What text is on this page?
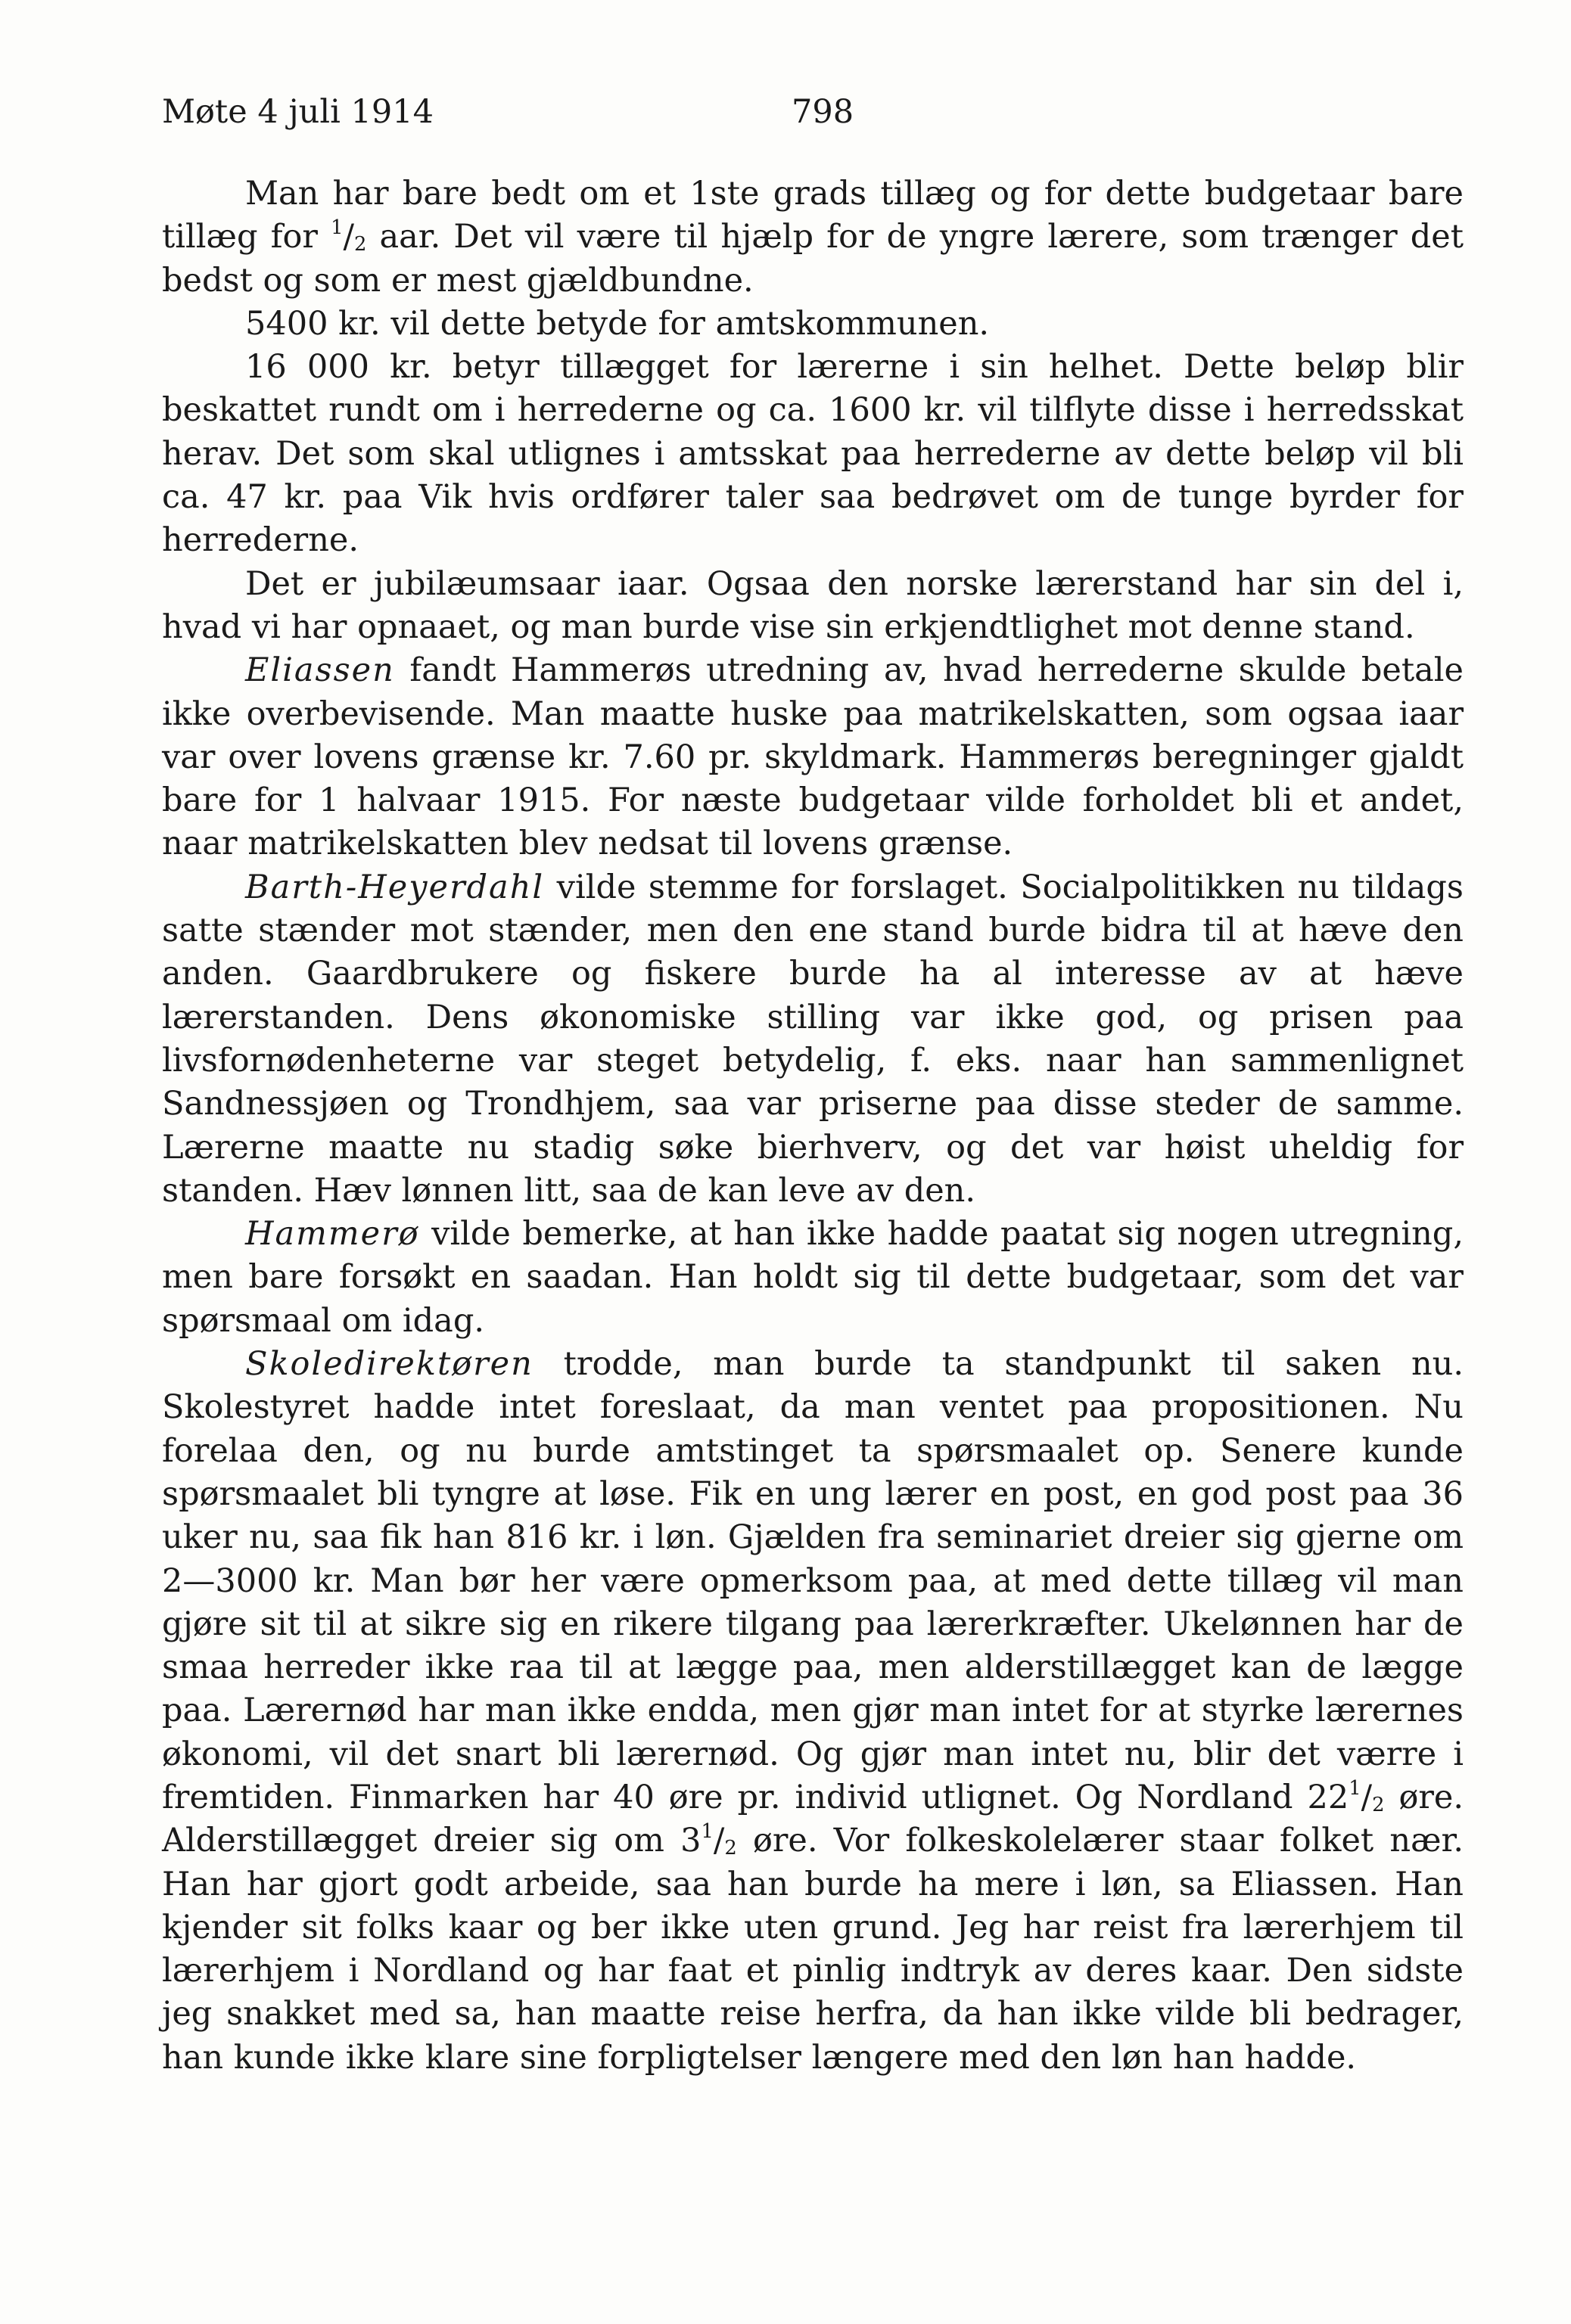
Møte 4 juli 1914	798

Man har bare bedt om et 1ste grads tillæg og for dette budgetaar bare tillæg for $^1/_2$ aar. Det vil være til hjælp for de yngre lærere, som trænger det bedst og som er mest gjældbundne.

5400 kr. vil dette betyde for amtskommunen.

16 000 kr. betyr tillægget for lærerne i sin helhet. Dette beløp blir beskattet rundt om i herrederne og ca. 1600 kr. vil tilflyte disse i herredsskat herav. Det som skal utlignes i amtsskat paa herrederne av dette beløp vil bli ca. 47 kr. paa Vik hvis ordfører taler saa bedrøvet om de tunge byrder for herrederne.

Det er jubilæumsaar iaar. Ogsaa den norske lærerstand har sin del i, hvad vi har opnaaet, og man burde vise sin erkjendtlighet mot denne stand.

Eliassen fandt Hammerøs utredning av, hvad herrederne skulde betale ikke overbevisende. Man maatte huske paa matrikelskatten, som ogsaa iaar var over lovens grænse kr. 7.60 pr. skyldmark. Hammerøs beregninger gjaldt bare for 1 halvaar 1915. For næste budgetaar vilde forholdet bli et andet, naar matrikelskatten blev nedsat til lovens grænse.

Barth-Heyerdahl vilde stemme for forslaget. Socialpolitikken nu tildags satte stænder mot stænder, men den ene stand burde bidra til at hæve den anden. Gaardbrukere og fiskere burde ha al interesse av at hæve lærerstanden. Dens økonomiske stilling var ikke god, og prisen paa livsfornødenheterne var steget betydelig, f. eks. naar han sammenlignet Sandnessjøen og Trondhjem, saa var priserne paa disse steder de samme. Lærerne maatte nu stadig søke bierhverv, og det var høist uheldig for standen. Hæv lønnen litt, saa de kan leve av den.

Hammerø vilde bemerke, at han ikke hadde paatat sig nogen utregning, men bare forsøkt en saadan. Han holdt sig til dette budgetaar, som det var spørsmaal om idag.

Skoledirektøren trodde, man burde ta standpunkt til saken nu. Skolestyret hadde intet foreslaat, da man ventet paa propositionen. Nu forelaa den, og nu burde amtstinget ta spørsmaalet op. Senere kunde spørsmaalet bli tyngre at løse. Fik en ung lærer en post, en god post paa 36 uker nu, saa fik han 816 kr. i løn. Gjælden fra seminariet dreier sig gjerne om 2—3000 kr. Man bør her være opmerksom paa, at med dette tillæg vil man gjøre sit til at sikre sig en rikere tilgang paa lærerkræfter. Ukelønnen har de smaa herreder ikke raa til at lægge paa, men alderstillægget kan de lægge paa. Lærernød har man ikke endda, men gjør man intet for at styrke lærernes økonomi, vil det snart bli lærernød. Og gjør man intet nu, blir det værre i fremtiden. Finmarken har 40 øre pr. individ utlignet. Og Nordland $22^1/_2$ øre. Alderstillægget dreier sig om $3^1/_2$ øre. Vor folkeskolelærer staar folket nær. Han har gjort godt arbeide, saa han burde ha mere i løn, sa Eliassen. Han kjender sit folks kaar og ber ikke uten grund. Jeg har reist fra lærerhjem til lærerhjem i Nordland og har faat et pinlig indtryk av deres kaar. Den sidste jeg snakket med sa, han maatte reise herfra, da han ikke vilde bli bedrager, han kunde ikke klare sine forpligtelser længere med den løn han hadde.
